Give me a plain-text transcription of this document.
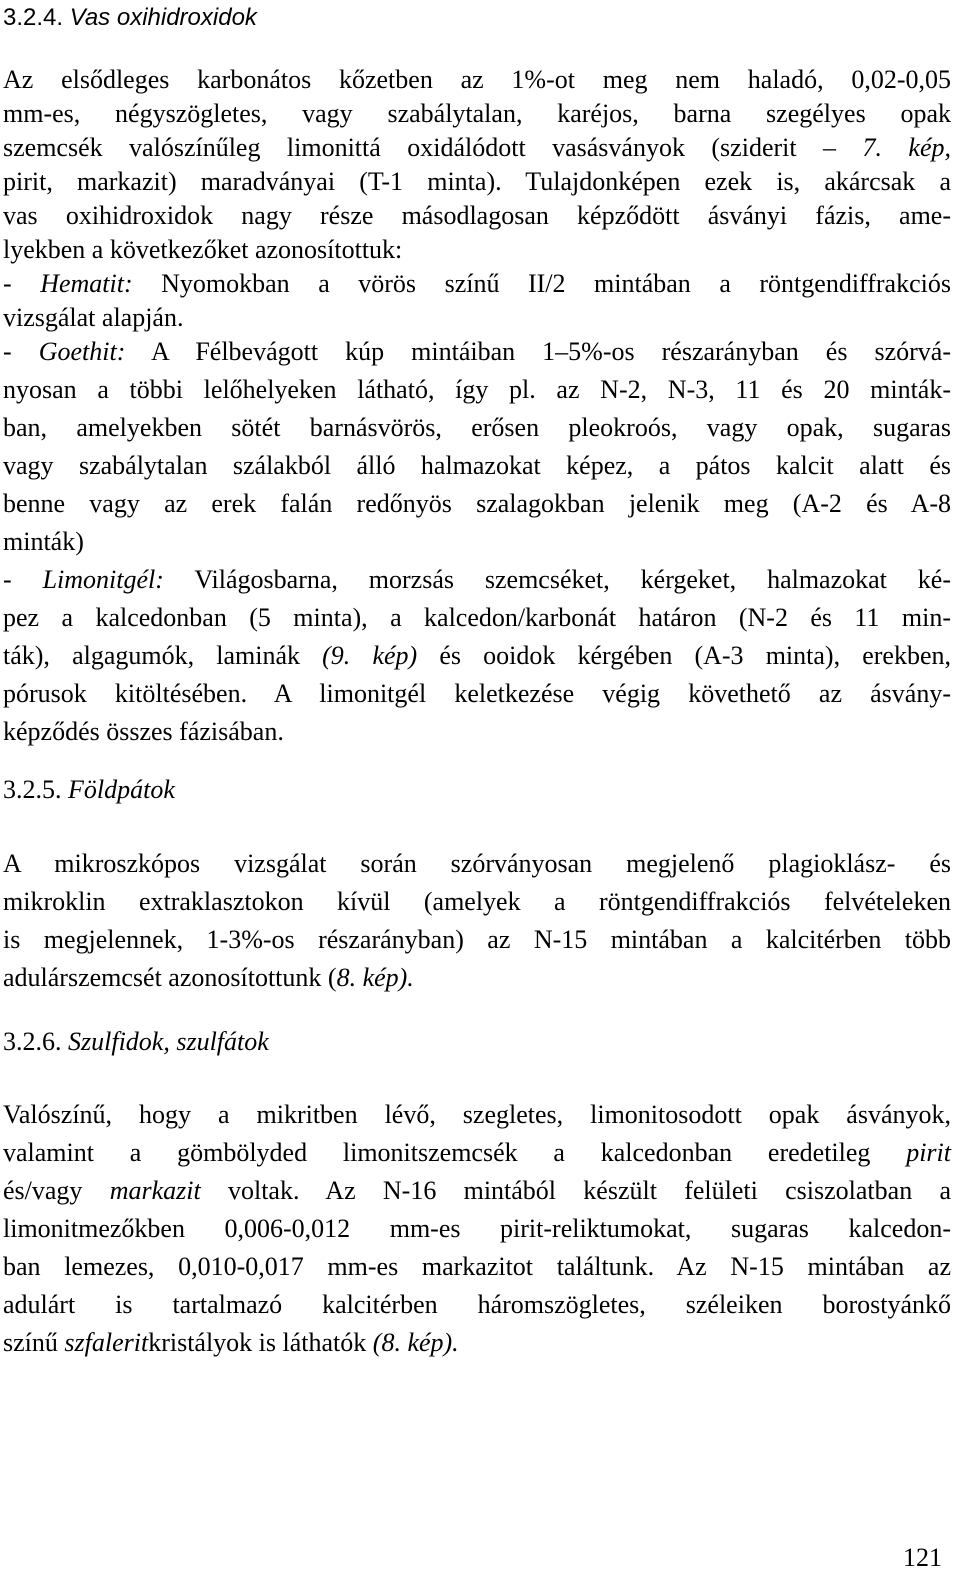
3.2.4. Vas oxihidroxidok
Az elsődleges karbonátos kőzetben az 1%-ot meg nem haladó, 0,02-0,05
mm-es, négyszögletes, vagy szabálytalan, karéjos, barna szegélyes opak
szemcsék valószínűleg limonittá oxidálódott vasásványok (sziderit – 7. kép,
pirit, markazit) maradványai (T-1 minta). Tulajdonképen ezek is, akárcsak a
vas oxihidroxidok nagy része másodlagosan képződött ásványi fázis, ame-
lyekben a következőket azonosítottuk:
- Hematit: Nyomokban a vörös színű II/2 mintában a röntgendiffrakciós
vizsgálat alapján.
- Goethit: A Félbevágott kúp mintáiban 1–5%-os részarányban és szórvá-
nyosan a többi lelőhelyeken látható, így pl. az N-2, N-3, 11 és 20 minták-
ban, amelyekben sötét barnásvörös, erősen pleokroós, vagy opak, sugaras
vagy szabálytalan szálakból álló halmazokat képez, a pátos kalcit alatt és
benne vagy az erek falán redőnyös szalagokban jelenik meg (A-2 és A-8
minták)
- Limonitgél: Világosbarna, morzsás szemcséket, kérgeket, halmazokat ké-
pez a kalcedonban (5 minta), a kalcedon/karbonát határon (N-2 és 11 min-
ták), algagumók, laminák (9. kép) és ooidok kérgében (A-3 minta), erekben,
pórusok kitöltésében. A limonitgél keletkezése végig követhető az ásvány-
képződés összes fázisában.
3.2.5. Földpátok
A mikroszkópos vizsgálat során szórványosan megjelenő plagioklász- és
mikroklin extraklasztokon kívül (amelyek a röntgendiffrakciós felvételeken
is megjelennek, 1-3%-os részarányban) az N-15 mintában a kalcitérben több
adulárszemcsét azonosítottunk (8. kép).
3.2.6. Szulfidok, szulfátok
Valószínű, hogy a mikritben lévő, szegletes, limonitosodott opak ásványok,
valamint a gömbölyded limonitszemcsék a kalcedonban eredetileg pirit
és/vagy markazit voltak. Az N-16 mintából készült felületi csiszolatban a
limonitmezőkben 0,006-0,012 mm-es pirit-reliktumokat, sugaras kalcedon-
ban lemezes, 0,010-0,017 mm-es markazitot találtunk. Az N-15 mintában az
adulárt is tartalmazó kalcitérben háromszögletes, széleiken borostyánkő
színű szfaleritkristályok is láthatók (8. kép).
121
